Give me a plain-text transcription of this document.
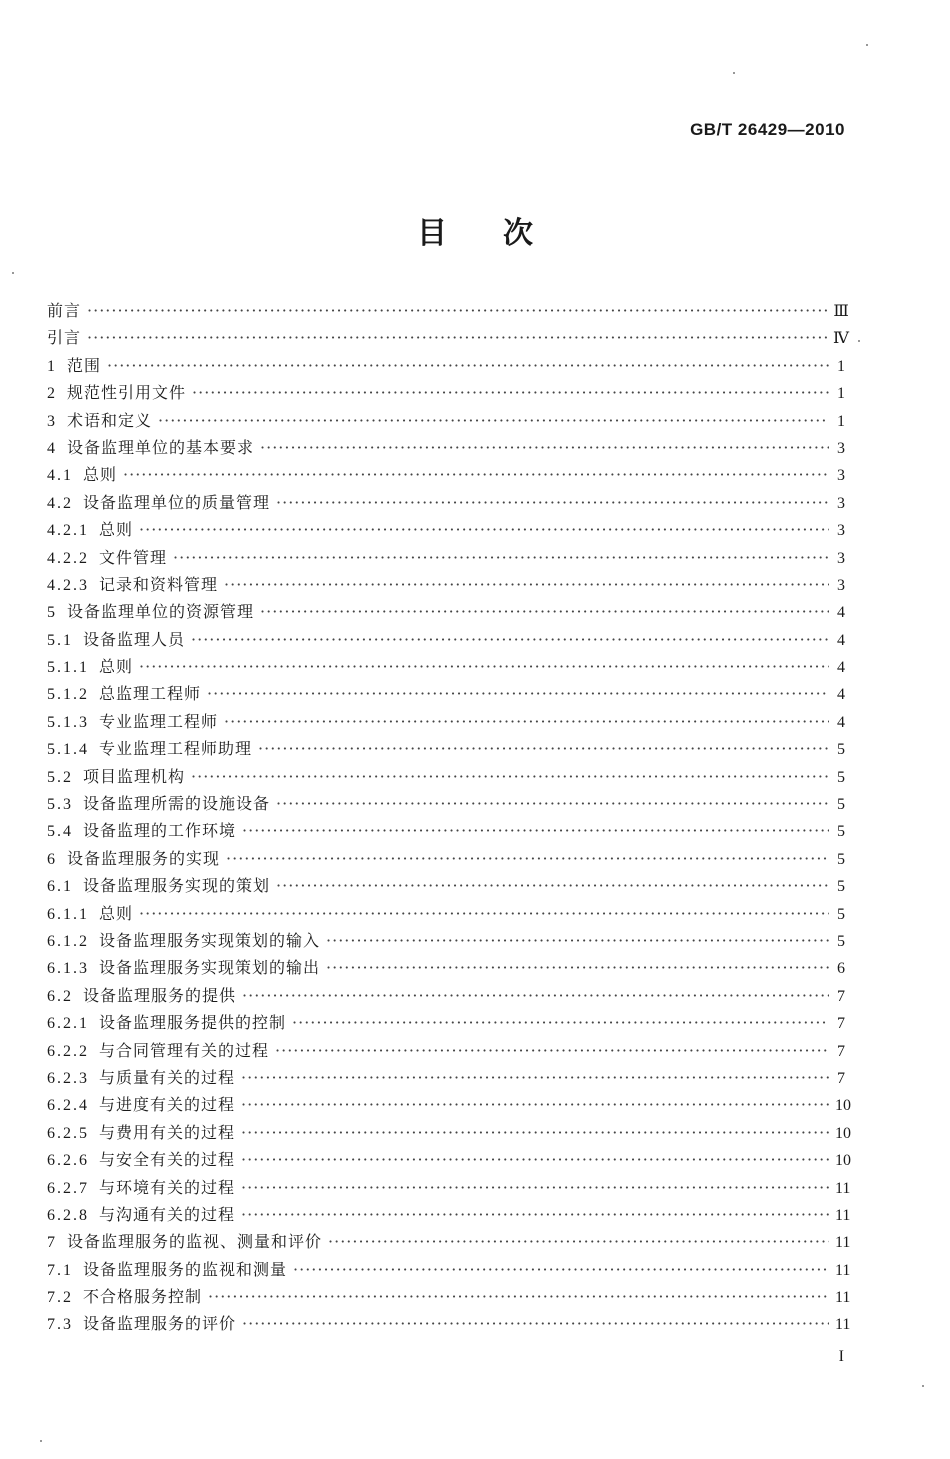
GB/T 26429—2010
目次
前言 ·····	Ⅲ
引言 ·····	Ⅳ
1 范围 ·····	1
2 规范性引用文件 ·····	1
3 术语和定义 ·····	1
4 设备监理单位的基本要求 ·····	3
4.1 总则 ·····	3
4.2 设备监理单位的质量管理 ·····	3
4.2.1 总则 ·····	3
4.2.2 文件管理 ·····	3
4.2.3 记录和资料管理 ·····	3
5 设备监理单位的资源管理 ·····	4
5.1 设备监理人员 ·····	4
5.1.1 总则 ·····	4
5.1.2 总监理工程师 ·····	4
5.1.3 专业监理工程师 ·····	4
5.1.4 专业监理工程师助理 ·····	5
5.2 项目监理机构 ·····	5
5.3 设备监理所需的设施设备 ·····	5
5.4 设备监理的工作环境 ·····	5
6 设备监理服务的实现 ·····	5
6.1 设备监理服务实现的策划 ·····	5
6.1.1 总则 ·····	5
6.1.2 设备监理服务实现策划的输入 ·····	5
6.1.3 设备监理服务实现策划的输出 ·····	6
6.2 设备监理服务的提供 ·····	7
6.2.1 设备监理服务提供的控制 ·····	7
6.2.2 与合同管理有关的过程 ·····	7
6.2.3 与质量有关的过程 ·····	7
6.2.4 与进度有关的过程 ·····	10
6.2.5 与费用有关的过程 ·····	10
6.2.6 与安全有关的过程 ·····	10
6.2.7 与环境有关的过程 ·····	11
6.2.8 与沟通有关的过程 ·····	11
7 设备监理服务的监视、测量和评价 ·····	11
7.1 设备监理服务的监视和测量 ·····	11
7.2 不合格服务控制 ·····	11
7.3 设备监理服务的评价 ·····	11
I
